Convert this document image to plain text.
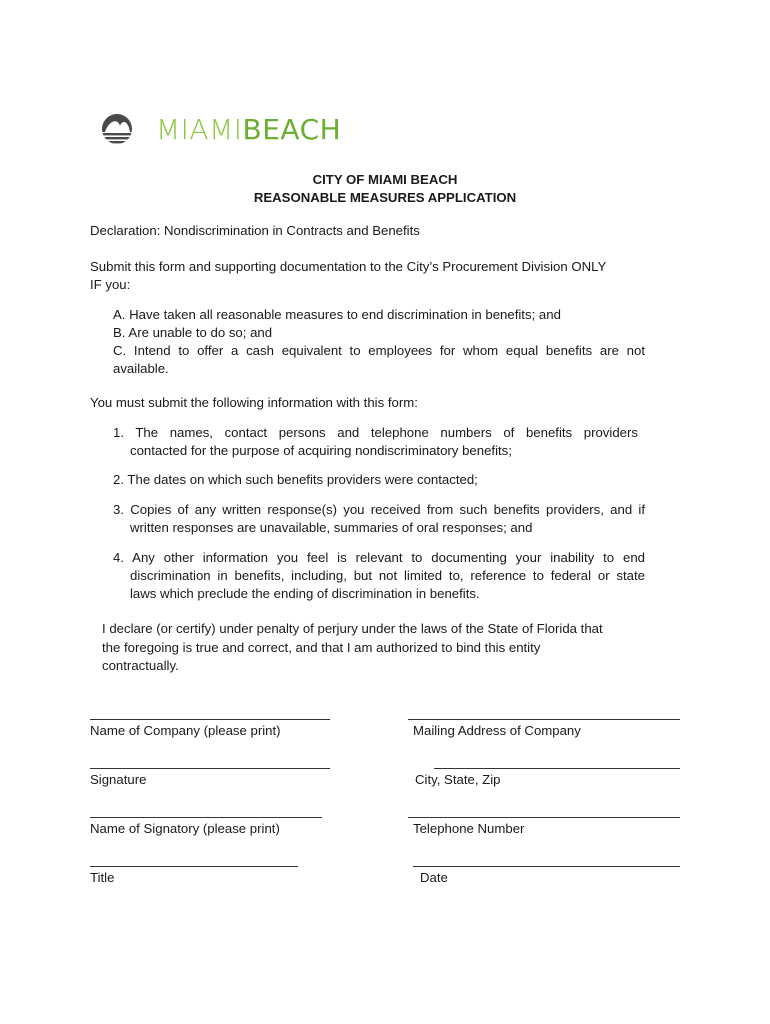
MIAMIBEACH
CITY OF MIAMI BEACH
REASONABLE MEASURES APPLICATION
Declaration: Nondiscrimination in Contracts and Benefits
Submit this form and supporting documentation to the City’s Procurement Division ONLY
IF you:
A. Have taken all reasonable measures to end discrimination in benefits; and
B. Are unable to do so; and
C. Intend to offer a cash equivalent to employees for whom equal benefits are not
available.
You must submit the following information with this form:
1. The names, contact persons and telephone numbers of benefits providers
contacted for the purpose of acquiring nondiscriminatory benefits;
2. The dates on which such benefits providers were contacted;
3. Copies of any written response(s) you received from such benefits providers, and if
written responses are unavailable, summaries of oral responses; and
4. Any other information you feel is relevant to documenting your inability to end
discrimination in benefits, including, but not limited to, reference to federal or state
laws which preclude the ending of discrimination in benefits.
I declare (or certify) under penalty of perjury under the laws of the State of Florida that
the foregoing is true and correct, and that I am authorized to bind this entity
contractually.
Name of Company (please print)	Mailing Address of Company
Signature	City, State, Zip
Name of Signatory (please print)	Telephone Number
Title	Date
